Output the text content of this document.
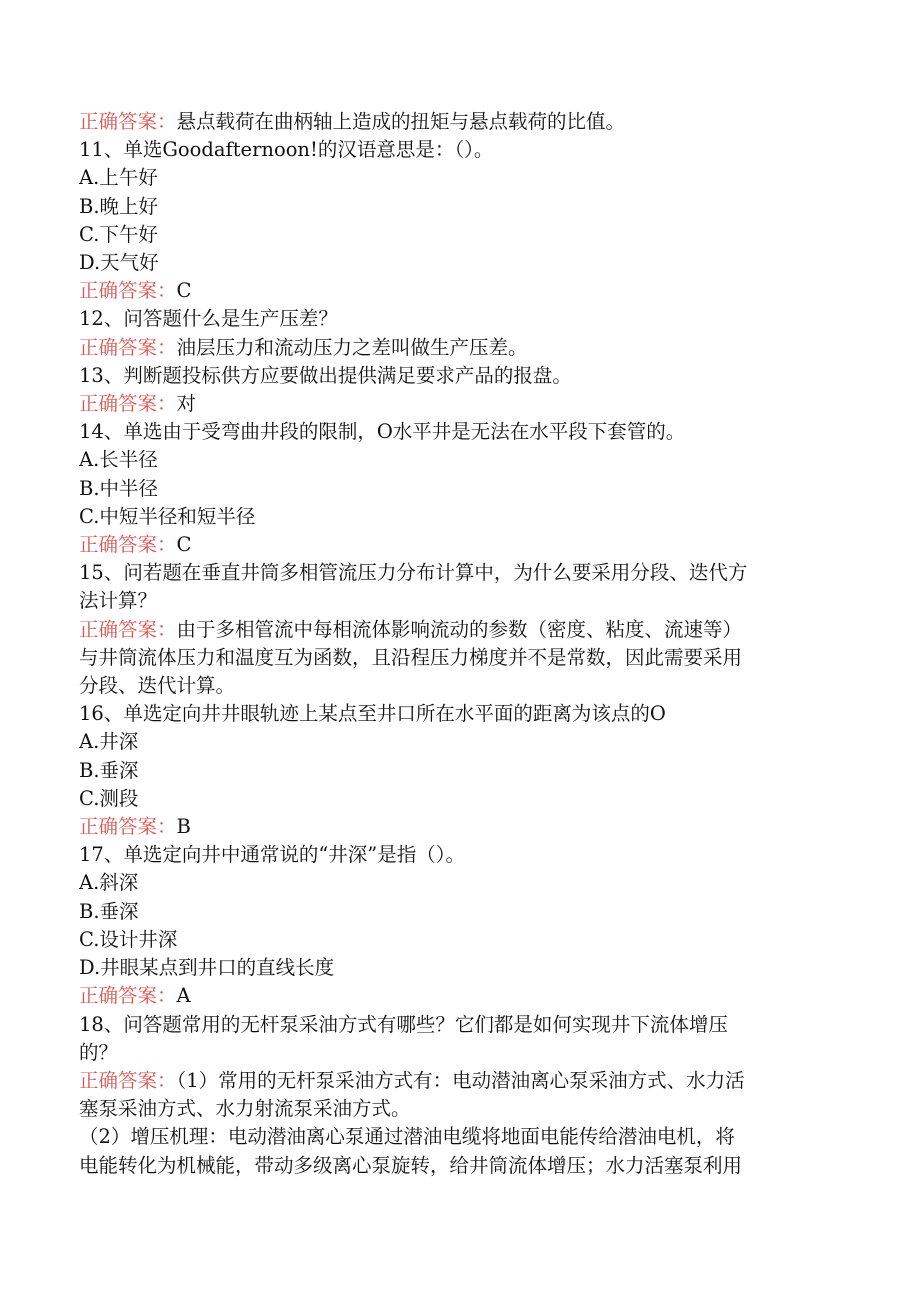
正确答案：悬点载荷在曲柄轴上造成的扭矩与悬点载荷的比值。
11、单选Goodafternoon!的汉语意思是：（）。
A.上午好
B.晚上好
C.下午好
D.天气好
正确答案：C
12、问答题什么是生产压差？
正确答案：油层压力和流动压力之差叫做生产压差。
13、判断题投标供方应要做出提供满足要求产品的报盘。
正确答案：对
14、单选由于受弯曲井段的限制，O水平井是无法在水平段下套管的。
A.长半径
B.中半径
C.中短半径和短半径
正确答案：C
15、问若题在垂直井筒多相管流压力分布计算中，为什么要采用分段、迭代方
法计算？
正确答案：由于多相管流中每相流体影响流动的参数（密度、粘度、流速等）
与井筒流体压力和温度互为函数，且沿程压力梯度并不是常数，因此需要采用
分段、迭代计算。
16、单选定向井井眼轨迹上某点至井口所在水平面的距离为该点的O
A.井深
B.垂深
C.测段
正确答案：B
17、单选定向井中通常说的“井深”是指（）。
A.斜深
B.垂深
C.设计井深
D.井眼某点到井口的直线长度
正确答案：A
18、问答题常用的无杆泵采油方式有哪些？它们都是如何实现井下流体增压
的？
正确答案：（1）常用的无杆泵采油方式有：电动潜油离心泵采油方式、水力活
塞泵采油方式、水力射流泵采油方式。
（2）增压机理：电动潜油离心泵通过潜油电缆将地面电能传给潜油电机，将
电能转化为机械能，带动多级离心泵旋转，给井筒流体增压；水力活塞泵利用
